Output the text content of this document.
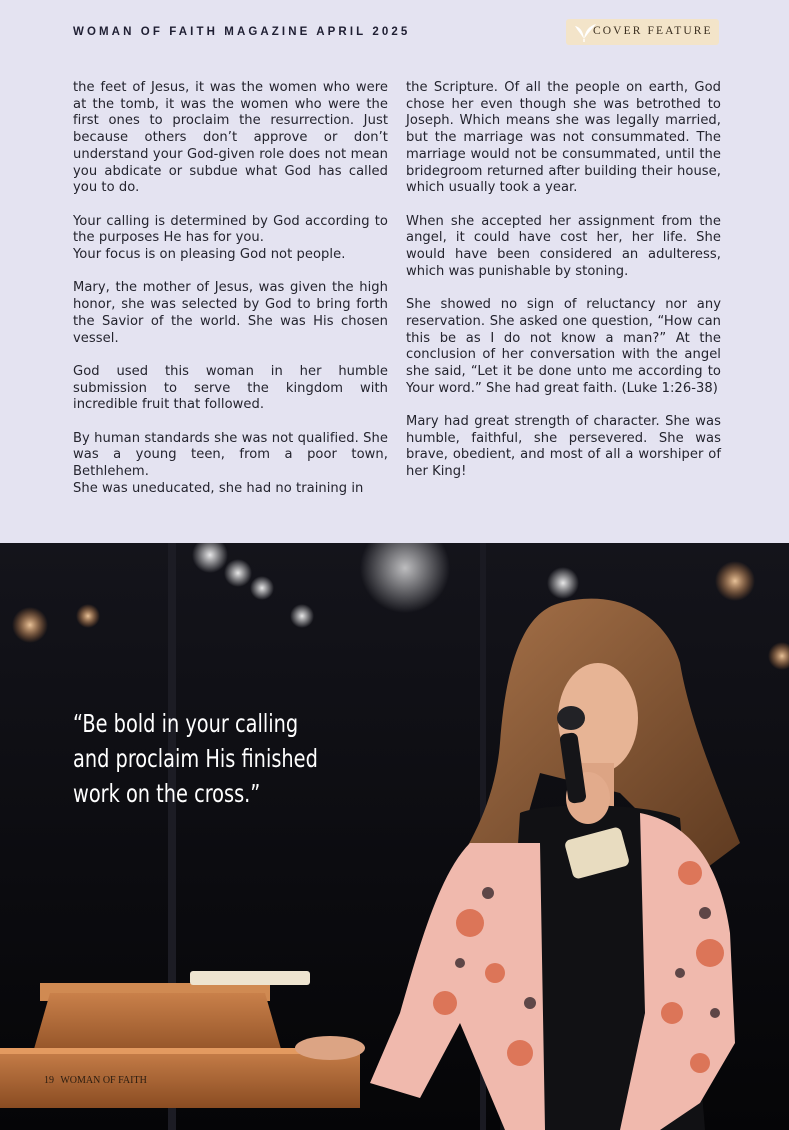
WOMAN OF FAITH MAGAZINE APRIL 2025	COVER FEATURE

the feet of Jesus, it was the women who were at the tomb, it was the women who were the first ones to proclaim the resurrection. Just because others don’t approve or don’t understand your God-given role does not mean you abdicate or subdue what God has called you to do.

Your calling is determined by God according to the purposes He has for you.

Your focus is on pleasing God not people.

Mary, the mother of Jesus, was given the high honor, she was selected by God to bring forth the Savior of the world. She was His chosen vessel.

God used this woman in her humble submission to serve the kingdom with incredible fruit that followed.

By human standards she was not qualified. She was a young teen, from a poor town, Bethlehem.

She was uneducated, she had no training in

the Scripture. Of all the people on earth, God chose her even though she was betrothed to Joseph. Which means she was legally married, but the marriage was not consummated. The marriage would not be consummated, until the bridegroom returned after building their house, which usually took a year.

When she accepted her assignment from the angel, it could have cost her, her life. She would have been considered an adulteress, which was punishable by stoning.

She showed no sign of reluctancy nor any reservation. She asked one question, “How can this be as I do not know a man?” At the conclusion of her conversation with the angel she said, “Let it be done unto me according to Your word.” She had great faith. (Luke 1:26-38)

Mary had great strength of character. She was humble, faithful, she persevered. She was brave, obedient, and most of all a worshiper of her King!

“Be bold in your calling
and proclaim His finished
work on the cross.”
19 WOMAN OF FAITH
